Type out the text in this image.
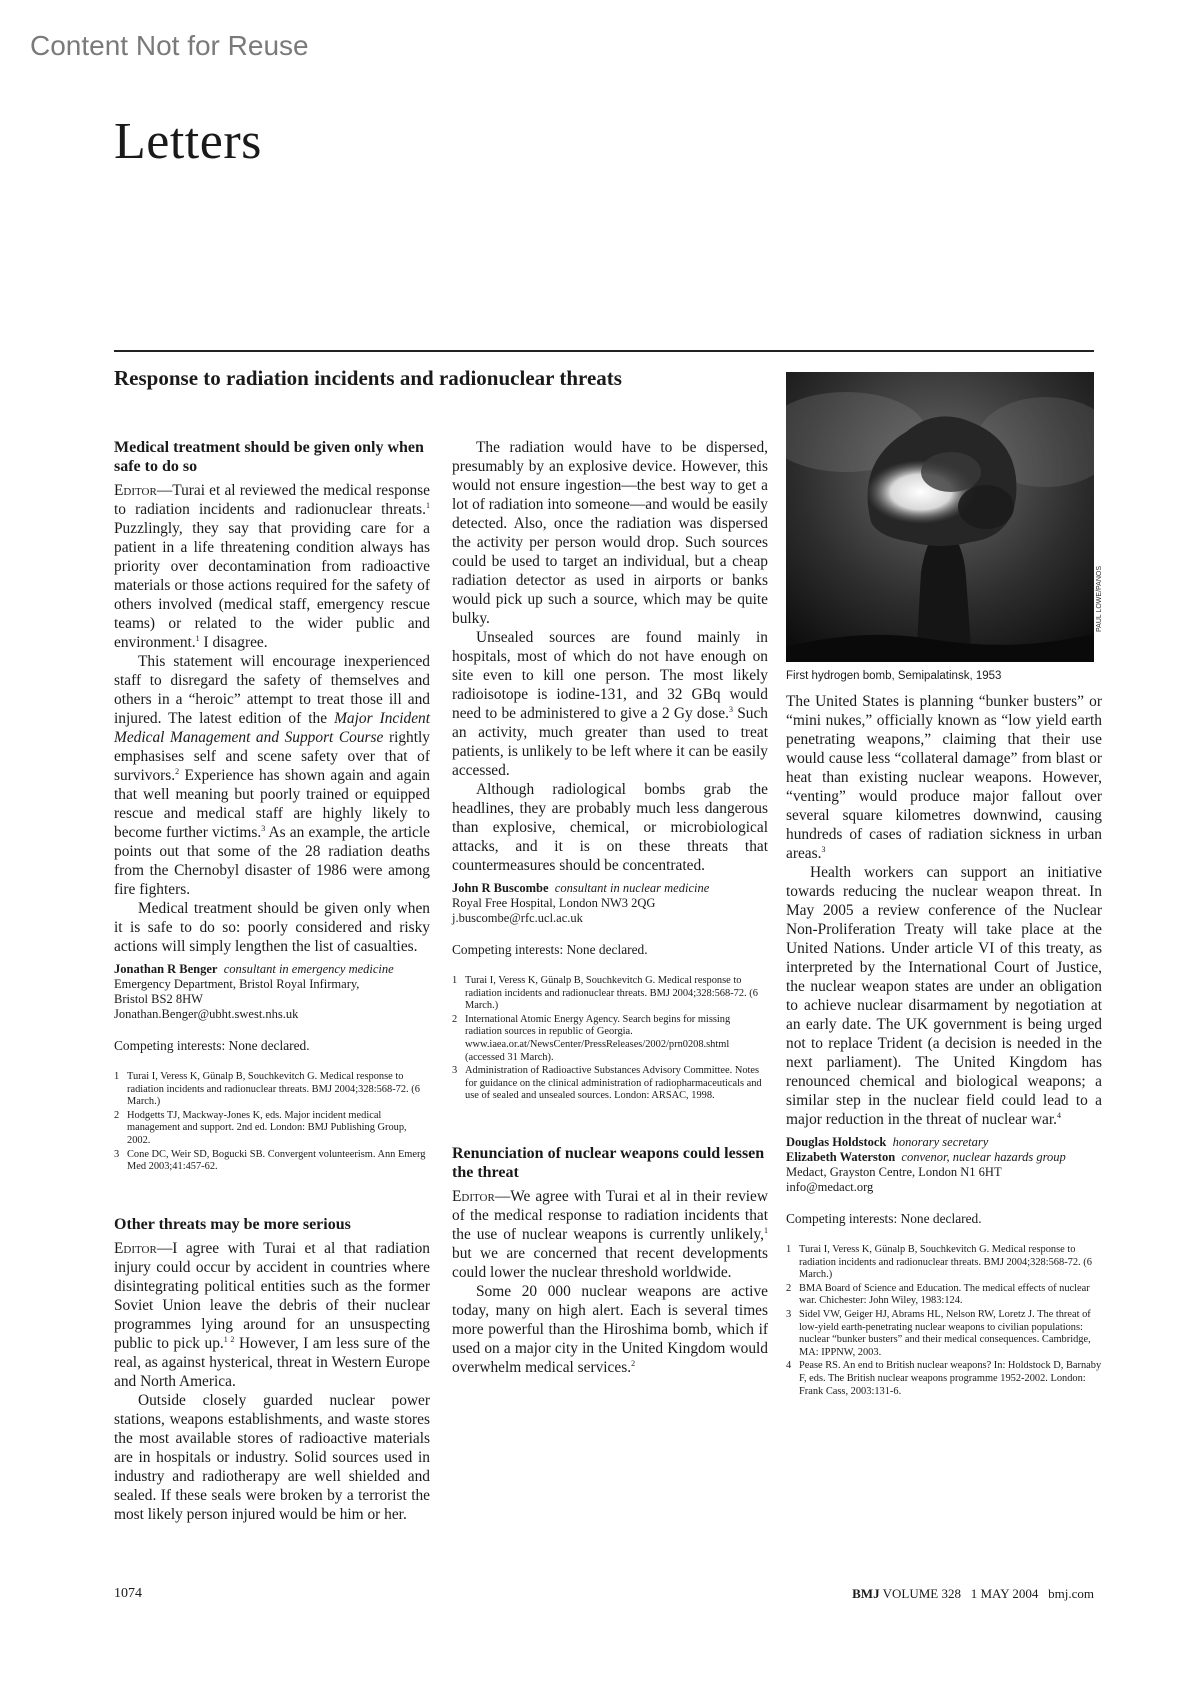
Content Not for Reuse
Letters
Response to radiation incidents and radionuclear threats
Medical treatment should be given only when safe to do so

Editor—Turai et al reviewed the medical response to radiation incidents and radionuclear threats.$^1$ Puzzlingly, they say that providing care for a patient in a life threatening condition always has priority over decontamination from radioactive materials or those actions required for the safety of others involved (medical staff, emergency rescue teams) or related to the wider public and environment.$^1$ I disagree.

This statement will encourage inexperienced staff to disregard the safety of themselves and others in a “heroic” attempt to treat those ill and injured. The latest edition of the Major Incident Medical Management and Support Course rightly emphasises self and scene safety over that of survivors.$^2$ Experience has shown again and again that well meaning but poorly trained or equipped rescue and medical staff are highly likely to become further victims.$^3$ As an example, the article points out that some of the 28 radiation deaths from the Chernobyl disaster of 1986 were among fire fighters.

Medical treatment should be given only when it is safe to do so: poorly considered and risky actions will simply lengthen the list of casualties.

Jonathan R Benger consultant in emergency medicine
Emergency Department, Bristol Royal Infirmary,
Bristol BS2 8HW
Jonathan.Benger@ubht.swest.nhs.uk
Competing interests: None declared.
1 Turai I, Veress K, Günalp B, Souchkevitch G. Medical response to radiation incidents and radionuclear threats. BMJ 2004;328:568-72. (6 March.)
2 Hodgetts TJ, Mackway-Jones K, eds. Major incident medical management and support. 2nd ed. London: BMJ Publishing Group, 2002.
3 Cone DC, Weir SD, Bogucki SB. Convergent volunteerism. Ann Emerg Med 2003;41:457-62.
Other threats may be more serious

Editor—I agree with Turai et al that radiation injury could occur by accident in countries where disintegrating political entities such as the former Soviet Union leave the debris of their nuclear programmes lying around for an unsuspecting public to pick up.$^{1 2}$ However, I am less sure of the real, as against hysterical, threat in Western Europe and North America.

Outside closely guarded nuclear power stations, weapons establishments, and waste stores the most available stores of radioactive materials are in hospitals or industry. Solid sources used in industry and radiotherapy are well shielded and sealed. If these seals were broken by a terrorist the most likely person injured would be him or her.

The radiation would have to be dispersed, presumably by an explosive device. However, this would not ensure ingestion—the best way to get a lot of radiation into someone—and would be easily detected. Also, once the radiation was dispersed the activity per person would drop. Such sources could be used to target an individual, but a cheap radiation detector as used in airports or banks would pick up such a source, which may be quite bulky.

Unsealed sources are found mainly in hospitals, most of which do not have enough on site even to kill one person. The most likely radioisotope is iodine-131, and 32 GBq would need to be administered to give a 2 Gy dose.$^3$ Such an activity, much greater than used to treat patients, is unlikely to be left where it can be easily accessed.

Although radiological bombs grab the headlines, they are probably much less dangerous than explosive, chemical, or microbiological attacks, and it is on these threats that countermeasures should be concentrated.

John R Buscombe consultant in nuclear medicine
Royal Free Hospital, London NW3 2QG
j.buscombe@rfc.ucl.ac.uk
Competing interests: None declared.
1 Turai I, Veress K, Günalp B, Souchkevitch G. Medical response to radiation incidents and radionuclear threats. BMJ 2004;328:568-72. (6 March.)
2 International Atomic Energy Agency. Search begins for missing radiation sources in republic of Georgia. www.iaea.or.at/NewsCenter/PressReleases/2002/prn0208.shtml (accessed 31 March).
3 Administration of Radioactive Substances Advisory Committee. Notes for guidance on the clinical administration of radiopharmaceuticals and use of sealed and unsealed sources. London: ARSAC, 1998.
Renunciation of nuclear weapons could lessen the threat

Editor—We agree with Turai et al in their review of the medical response to radiation incidents that the use of nuclear weapons is currently unlikely,$^1$ but we are concerned that recent developments could lower the nuclear threshold worldwide.

Some 20 000 nuclear weapons are active today, many on high alert. Each is several times more powerful than the Hiroshima bomb, which if used on a major city in the United Kingdom would overwhelm medical services.$^2$

PAUL LOWE/PANOS
First hydrogen bomb, Semipalatinsk, 1953

The United States is planning “bunker busters” or “mini nukes,” officially known as “low yield earth penetrating weapons,” claiming that their use would cause less “collateral damage” from blast or heat than existing nuclear weapons. However, “venting” would produce major fallout over several square kilometres downwind, causing hundreds of cases of radiation sickness in urban areas.$^3$

Health workers can support an initiative towards reducing the nuclear weapon threat. In May 2005 a review conference of the Nuclear Non-Proliferation Treaty will take place at the United Nations. Under article VI of this treaty, as interpreted by the International Court of Justice, the nuclear weapon states are under an obligation to achieve nuclear disarmament by negotiation at an early date. The UK government is being urged not to replace Trident (a decision is needed in the next parliament). The United Kingdom has renounced chemical and biological weapons; a similar step in the nuclear field could lead to a major reduction in the threat of nuclear war.$^4$

Douglas Holdstock honorary secretary
Elizabeth Waterston convenor, nuclear hazards group
Medact, Grayston Centre, London N1 6HT
info@medact.org
Competing interests: None declared.
1 Turai I, Veress K, Günalp B, Souchkevitch G. Medical response to radiation incidents and radionuclear threats. BMJ 2004;328:568-72. (6 March.)
2 BMA Board of Science and Education. The medical effects of nuclear war. Chichester: John Wiley, 1983:124.
3 Sidel VW, Geiger HJ, Abrams HL, Nelson RW, Loretz J. The threat of low-yield earth-penetrating nuclear weapons to civilian populations: nuclear “bunker busters” and their medical consequences. Cambridge, MA: IPPNW, 2003.
4 Pease RS. An end to British nuclear weapons? In: Holdstock D, Barnaby F, eds. The British nuclear weapons programme 1952-2002. London: Frank Cass, 2003:131-6.
1074	BMJ VOLUME 328 1 MAY 2004 bmj.com
